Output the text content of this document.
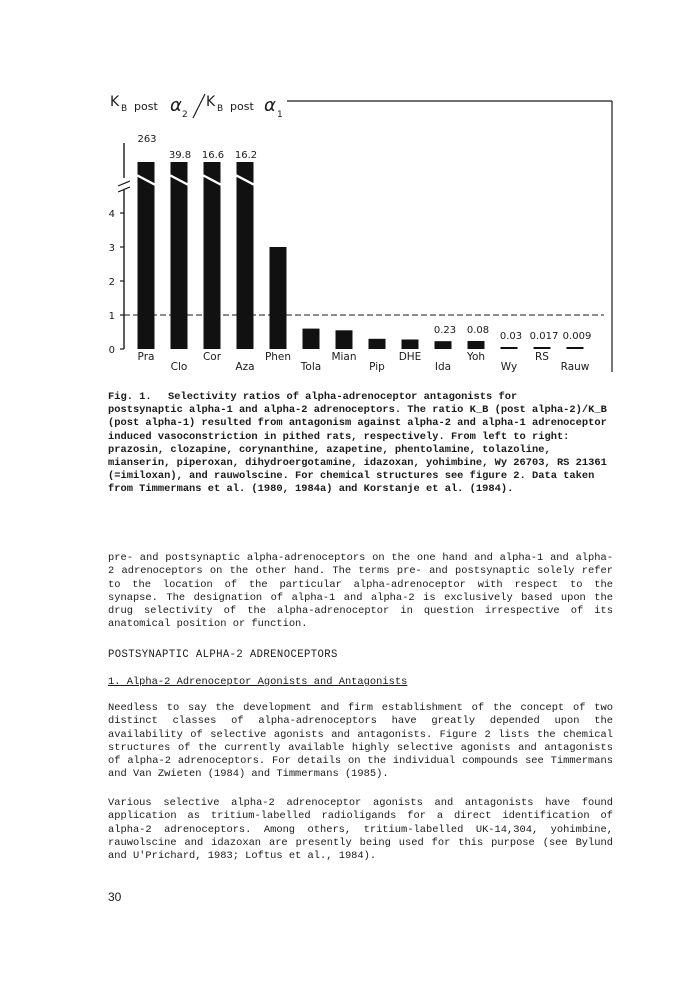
K B post α 2
K B post α 1
0
1
2
3
4
263
Pra
39.8
Clo
16.6
Cor
16.2
Aza
Phen
Tola
Mian
Pip
DHE
0.23
Ida
0.08
Yoh
0.03
Wy
0.017
RS
0.009
Rauw
Fig. 1.	Selectivity ratios of alpha-adrenoceptor antagonists for

postsynaptic alpha-1 and alpha-2 adrenoceptors. The ratio K_B (post alpha-2)/K_B (post alpha-1) resulted from antagonism against alpha-2 and alpha-1 adrenoceptor induced vasoconstriction in pithed rats, respectively. From left to right: prazosin, clozapine, corynanthine, azapetine, phentolamine, tolazoline, mianserin, piperoxan, dihydroergotamine, idazoxan, yohimbine, Wy 26703, RS 21361 (=imiloxan), and rauwolscine. For chemical structures see figure 2. Data taken from Timmermans et al. (1980, 1984a) and Korstanje et al. (1984).

pre- and postsynaptic alpha-adrenoceptors on the one hand and alpha-1 and alpha-2 adrenoceptors on the other hand. The terms pre- and postsynaptic solely refer to the location of the particular alpha-adrenoceptor with respect to the synapse. The designation of alpha-1 and alpha-2 is exclusively based upon the drug selectivity of the alpha-adrenoceptor in question irrespective of its anatomical position or function.

POSTSYNAPTIC ALPHA-2 ADRENOCEPTORS

1. Alpha-2 Adrenoceptor Agonists and Antagonists

Needless to say the development and firm establishment of the concept of two distinct classes of alpha-adrenoceptors have greatly depended upon the availability of selective agonists and antagonists. Figure 2 lists the chemical structures of the currently available highly selective agonists and antagonists of alpha-2 adrenoceptors. For details on the individual compounds see Timmermans and Van Zwieten (1984) and Timmermans (1985).

Various selective alpha-2 adrenoceptor agonists and antagonists have found application as tritium-labelled radioligands for a direct identification of alpha-2 adrenoceptors. Among others, tritium-labelled UK-14,304, yohimbine, rauwolscine and idazoxan are presently being used for this purpose (see Bylund and U'Prichard, 1983; Loftus et al., 1984).

30
